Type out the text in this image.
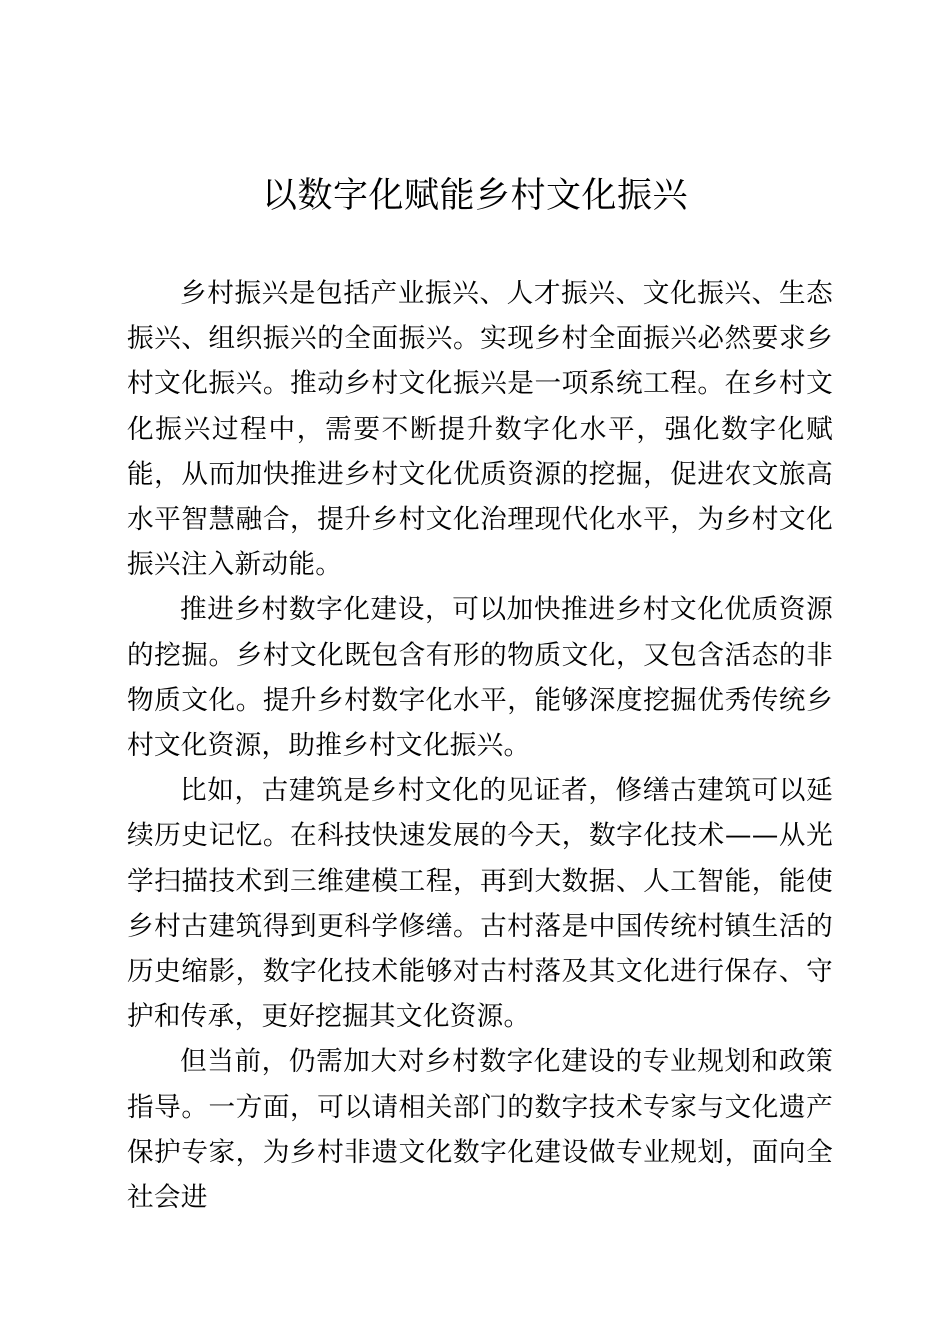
以数字化赋能乡村文化振兴

乡村振兴是包括产业振兴、人才振兴、文化振兴、生态振兴、组织振兴的全面振兴。实现乡村全面振兴必然要求乡村文化振兴。推动乡村文化振兴是一项系统工程。在乡村文化振兴过程中，需要不断提升数字化水平，强化数字化赋能，从而加快推进乡村文化优质资源的挖掘，促进农文旅高水平智慧融合，提升乡村文化治理现代化水平，为乡村文化振兴注入新动能。

推进乡村数字化建设，可以加快推进乡村文化优质资源的挖掘。乡村文化既包含有形的物质文化，又包含活态的非物质文化。提升乡村数字化水平，能够深度挖掘优秀传统乡村文化资源，助推乡村文化振兴。

比如，古建筑是乡村文化的见证者，修缮古建筑可以延续历史记忆。在科技快速发展的今天，数字化技术——从光学扫描技术到三维建模工程，再到大数据、人工智能，能使乡村古建筑得到更科学修缮。古村落是中国传统村镇生活的历史缩影，数字化技术能够对古村落及其文化进行保存、守护和传承，更好挖掘其文化资源。

但当前，仍需加大对乡村数字化建设的专业规划和政策指导。一方面，可以请相关部门的数字技术专家与文化遗产保护专家，为乡村非遗文化数字化建设做专业规划，面向全社会进
